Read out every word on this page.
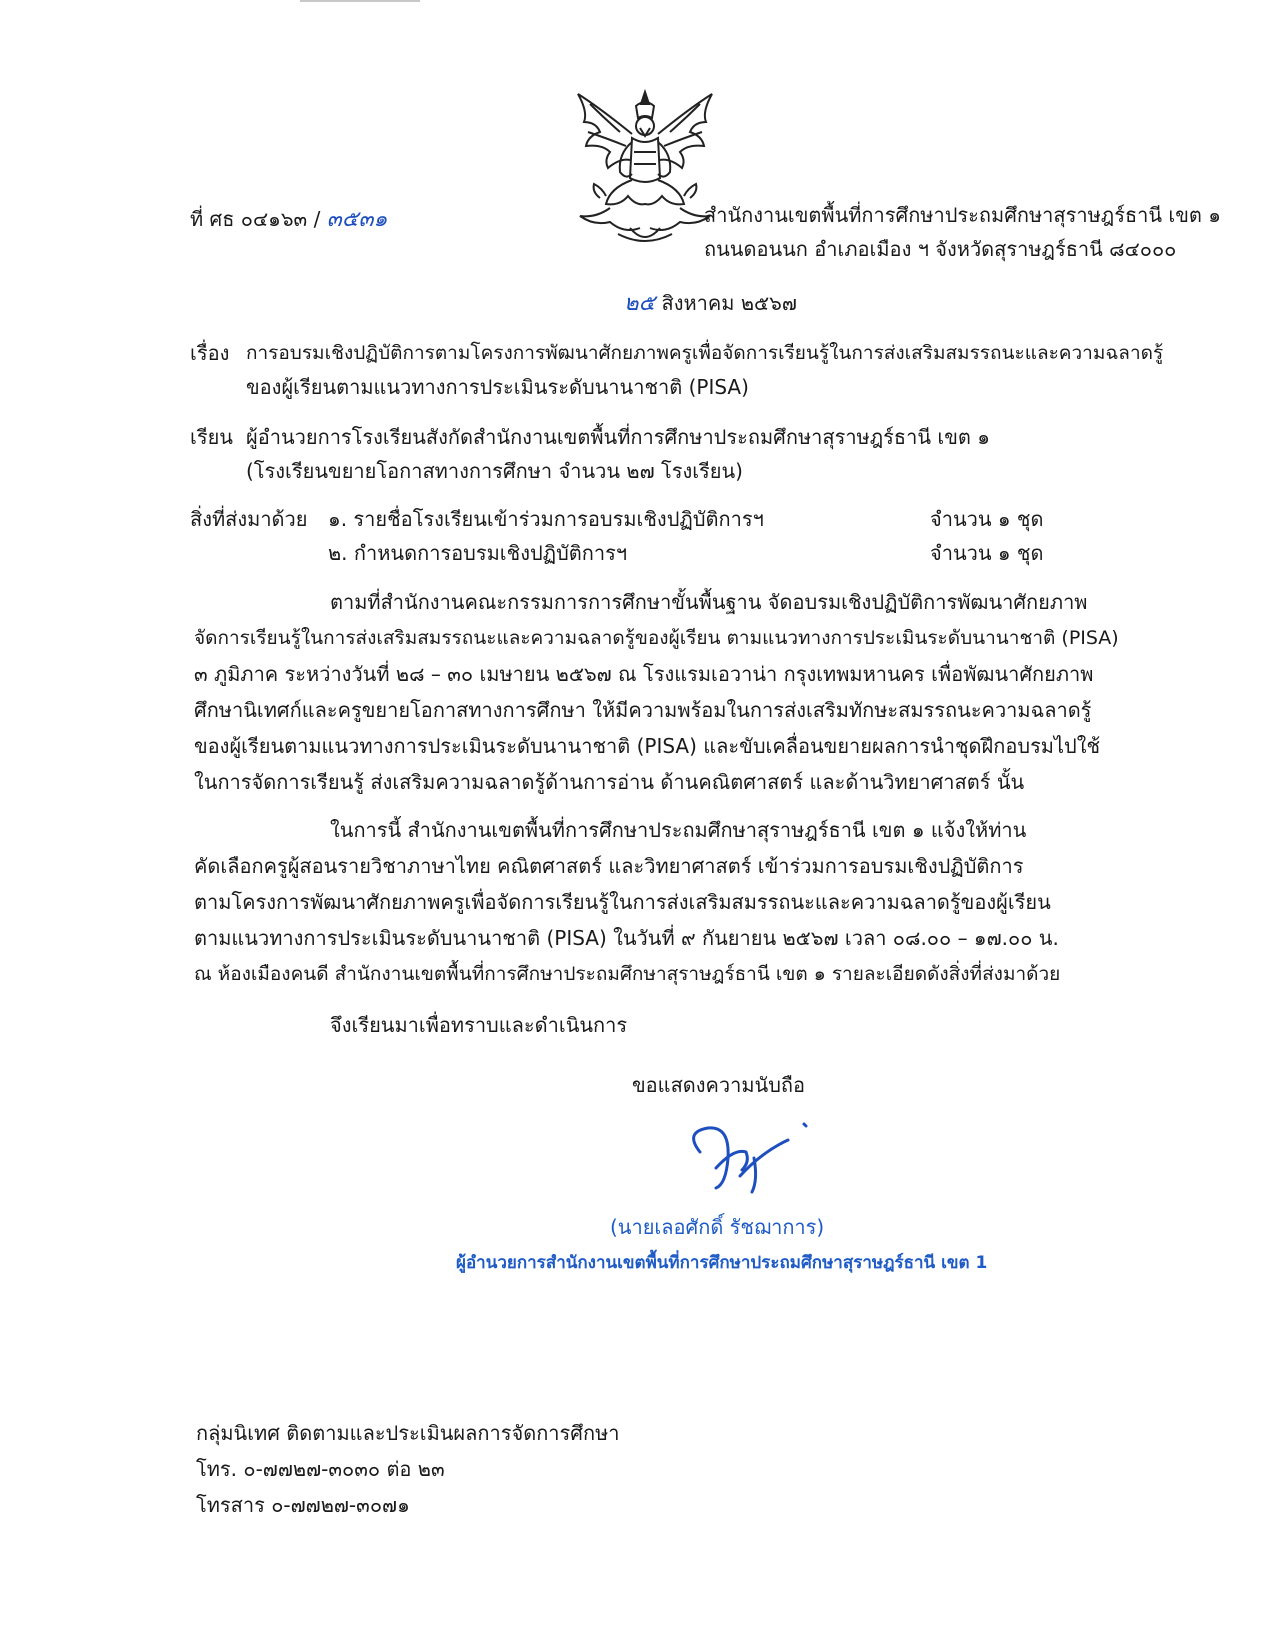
ที่ ศธ ๐๔๑๖๓ / ๓๕๓๑	สำนักงานเขตพื้นที่การศึกษาประถมศึกษาสุราษฎร์ธานี เขต ๑
ถนนดอนนก อำเภอเมือง ฯ จังหวัดสุราษฎร์ธานี ๘๔๐๐๐
๒๕ สิงหาคม ๒๕๖๗
เรื่อง การอบรมเชิงปฏิบัติการตามโครงการพัฒนาศักยภาพครูเพื่อจัดการเรียนรู้ในการส่งเสริมสมรรถนะและความฉลาดรู้
ของผู้เรียนตามแนวทางการประเมินระดับนานาชาติ (PISA)
เรียน ผู้อำนวยการโรงเรียนสังกัดสำนักงานเขตพื้นที่การศึกษาประถมศึกษาสุราษฎร์ธานี เขต ๑
(โรงเรียนขยายโอกาสทางการศึกษา จำนวน ๒๗ โรงเรียน)
สิ่งที่ส่งมาด้วย ๑. รายชื่อโรงเรียนเข้าร่วมการอบรมเชิงปฏิบัติการฯ	จำนวน ๑ ชุด
๒. กำหนดการอบรมเชิงปฏิบัติการฯ	จำนวน ๑ ชุด
ตามที่สำนักงานคณะกรรมการการศึกษาขั้นพื้นฐาน จัดอบรมเชิงปฏิบัติการพัฒนาศักยภาพ
จัดการเรียนรู้ในการส่งเสริมสมรรถนะและความฉลาดรู้ของผู้เรียน ตามแนวทางการประเมินระดับนานาชาติ (PISA)
๓ ภูมิภาค ระหว่างวันที่ ๒๘ – ๓๐ เมษายน ๒๕๖๗ ณ โรงแรมเอวาน่า กรุงเทพมหานคร เพื่อพัฒนาศักยภาพ
ศึกษานิเทศก์และครูขยายโอกาสทางการศึกษา ให้มีความพร้อมในการส่งเสริมทักษะสมรรถนะความฉลาดรู้
ของผู้เรียนตามแนวทางการประเมินระดับนานาชาติ (PISA) และขับเคลื่อนขยายผลการนำชุดฝึกอบรมไปใช้
ในการจัดการเรียนรู้ ส่งเสริมความฉลาดรู้ด้านการอ่าน ด้านคณิตศาสตร์ และด้านวิทยาศาสตร์ นั้น
ในการนี้ สำนักงานเขตพื้นที่การศึกษาประถมศึกษาสุราษฎร์ธานี เขต ๑ แจ้งให้ท่าน
คัดเลือกครูผู้สอนรายวิชาภาษาไทย คณิตศาสตร์ และวิทยาศาสตร์ เข้าร่วมการอบรมเชิงปฏิบัติการ
ตามโครงการพัฒนาศักยภาพครูเพื่อจัดการเรียนรู้ในการส่งเสริมสมรรถนะและความฉลาดรู้ของผู้เรียน
ตามแนวทางการประเมินระดับนานาชาติ (PISA) ในวันที่ ๙ กันยายน ๒๕๖๗ เวลา ๐๘.๐๐ – ๑๗.๐๐ น.
ณ ห้องเมืองคนดี สำนักงานเขตพื้นที่การศึกษาประถมศึกษาสุราษฎร์ธานี เขต ๑ รายละเอียดดังสิ่งที่ส่งมาด้วย
จึงเรียนมาเพื่อทราบและดำเนินการ
ขอแสดงความนับถือ
(นายเลอศักดิ์ รัชฌาการ)
ผู้อำนวยการสำนักงานเขตพื้นที่การศึกษาประถมศึกษาสุราษฎร์ธานี เขต 1
กลุ่มนิเทศ ติดตามและประเมินผลการจัดการศึกษา
โทร. ๐-๗๗๒๗-๓๐๓๐ ต่อ ๒๓
โทรสาร ๐-๗๗๒๗-๓๐๗๑
